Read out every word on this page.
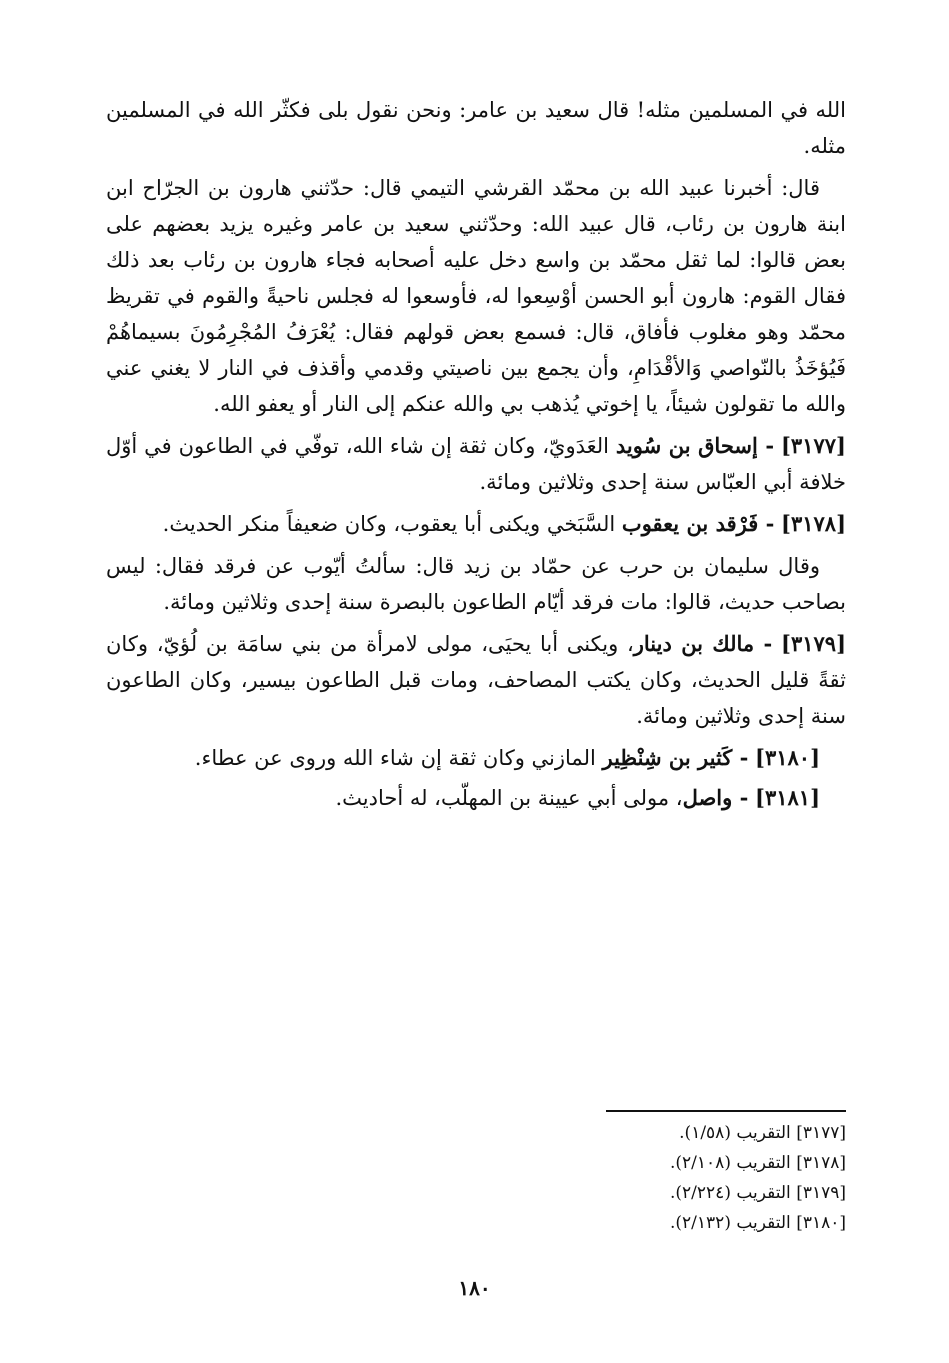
الله في المسلمين مثله! قال سعيد بن عامر: ونحن نقول بلى فكثّر الله في المسلمين مثله.

قال: أخبرنا عبيد الله بن محمّد القرشي التيمي قال: حدّثني هارون بن الجرّاح ابن ابنة هارون بن رئاب، قال عبيد الله: وحدّثني سعيد بن عامر وغيره يزيد بعضهم على بعض قالوا: لما ثقل محمّد بن واسع دخل عليه أصحابه فجاء هارون بن رئاب بعد ذلك فقال القوم: هارون أبو الحسن أوْسِعوا له، فأوسعوا له فجلس ناحيةً والقوم في تقريظ محمّد وهو مغلوب فأفاق، قال: فسمع بعض قولهم فقال: يُعْرَفُ المُجْرِمُونَ بسيماهُمْ فَيُؤخَذُ بالنّواصي وَالأقْدَامِ، وأن يجمع بين ناصيتي وقدمي وأقذف في النار لا يغني عني والله ما تقولون شيئاً، يا إخوتي يُذهب بي والله عنكم إلى النار أو يعفو الله.

[٣١٧٧] - إسحاق بن سُويد العَدَويّ، وكان ثقة إن شاء الله، توفّي في الطاعون في أوّل خلافة أبي العبّاس سنة إحدى وثلاثين ومائة.

[٣١٧٨] - فَرْقد بن يعقوب السَّبَخي ويكنى أبا يعقوب، وكان ضعيفاً منكر الحديث.

وقال سليمان بن حرب عن حمّاد بن زيد قال: سألتُ أيّوب عن فرقد فقال: ليس بصاحب حديث، قالوا: مات فرقد أيّام الطاعون بالبصرة سنة إحدى وثلاثين ومائة.

[٣١٧٩] - مالك بن دينار، ويكنى أبا يحيَى، مولى لامرأة من بني سامَة بن لُؤيّ، وكان ثقةً قليل الحديث، وكان يكتب المصاحف، ومات قبل الطاعون بيسير، وكان الطاعون سنة إحدى وثلاثين ومائة.

[٣١٨٠] - كَثير بن شِنْظِير المازني وكان ثقة إن شاء الله وروى عن عطاء.

[٣١٨١] - واصل، مولى أبي عيينة بن المهلّب، له أحاديث.

[٣١٧٧] التقريب (١/٥٨).
[٣١٧٨] التقريب (٢/١٠٨).
[٣١٧٩] التقريب (٢/٢٢٤).
[٣١٨٠] التقريب (٢/١٣٢).
١٨٠
